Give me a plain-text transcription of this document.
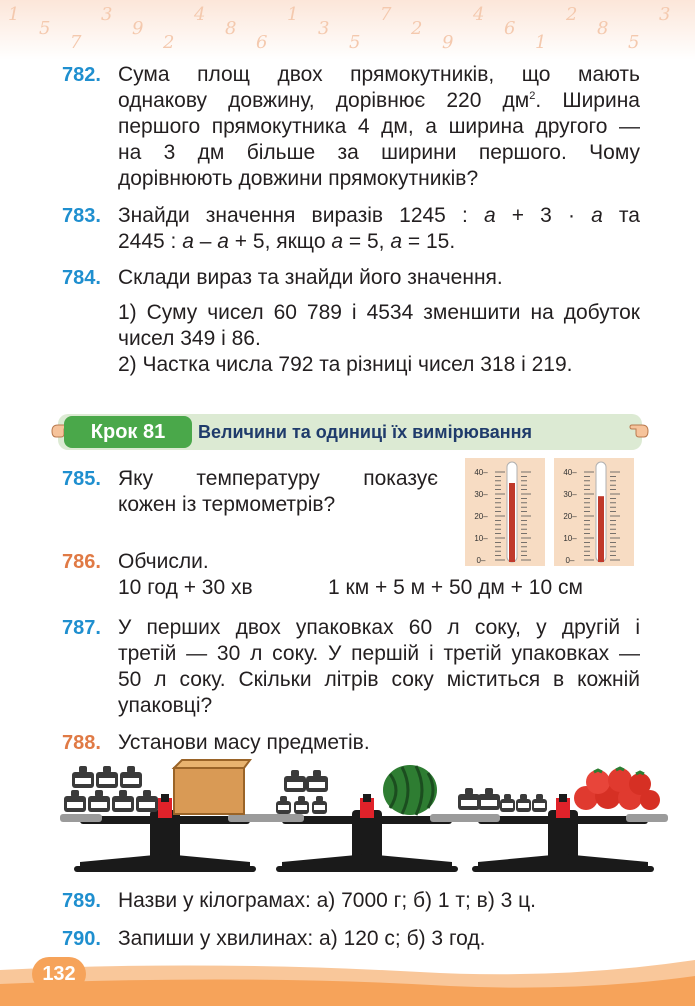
1
5
7
3
9
2
4
8
6
1
3
5
7
2
9
4
6
1
2
8
5
3
782. Сума площ двох прямокутників, що мають
однакову довжину, дорівнює 220 $дм^2$. Ширина
першого прямокутника 4 дм, а ширина другого —
на 3 дм більше за ширини першого. Чому
дорівнюють довжини прямокутників?
783. Знайди значення виразів 1245 : a + 3 · a та
2445 : a – a + 5, якщо a = 5, a = 15.
784. Склади вираз та знайди його значення.
1) Суму чисел 60 789 і 4534 зменшити на добуток
чисел 349 і 86.
2) Частка числа 792 та різниці чисел 318 і 219.
Крок 81	Величини та одиниці їх вимірювання
785. Яку температуру показує
кожен із термометрів?
40–
30–
20–
10–
0–
40–
30–
20–
10–
0–
786. Обчисли.
10 год + 30 хв	1 км + 5 м + 50 дм + 10 см
787. У перших двох упаковках 60 л соку, у другій і
третій — 30 л соку. У першій і третій упаковках —
50 л соку. Скільки літрів соку міститься в кожній
упаковці?
788. Установи масу предметів.
789. Назви у кілограмах: а) 7000 г; б) 1 т; в) 3 ц.
790. Запиши у хвилинах: а) 120 с; б) 3 год.
132
